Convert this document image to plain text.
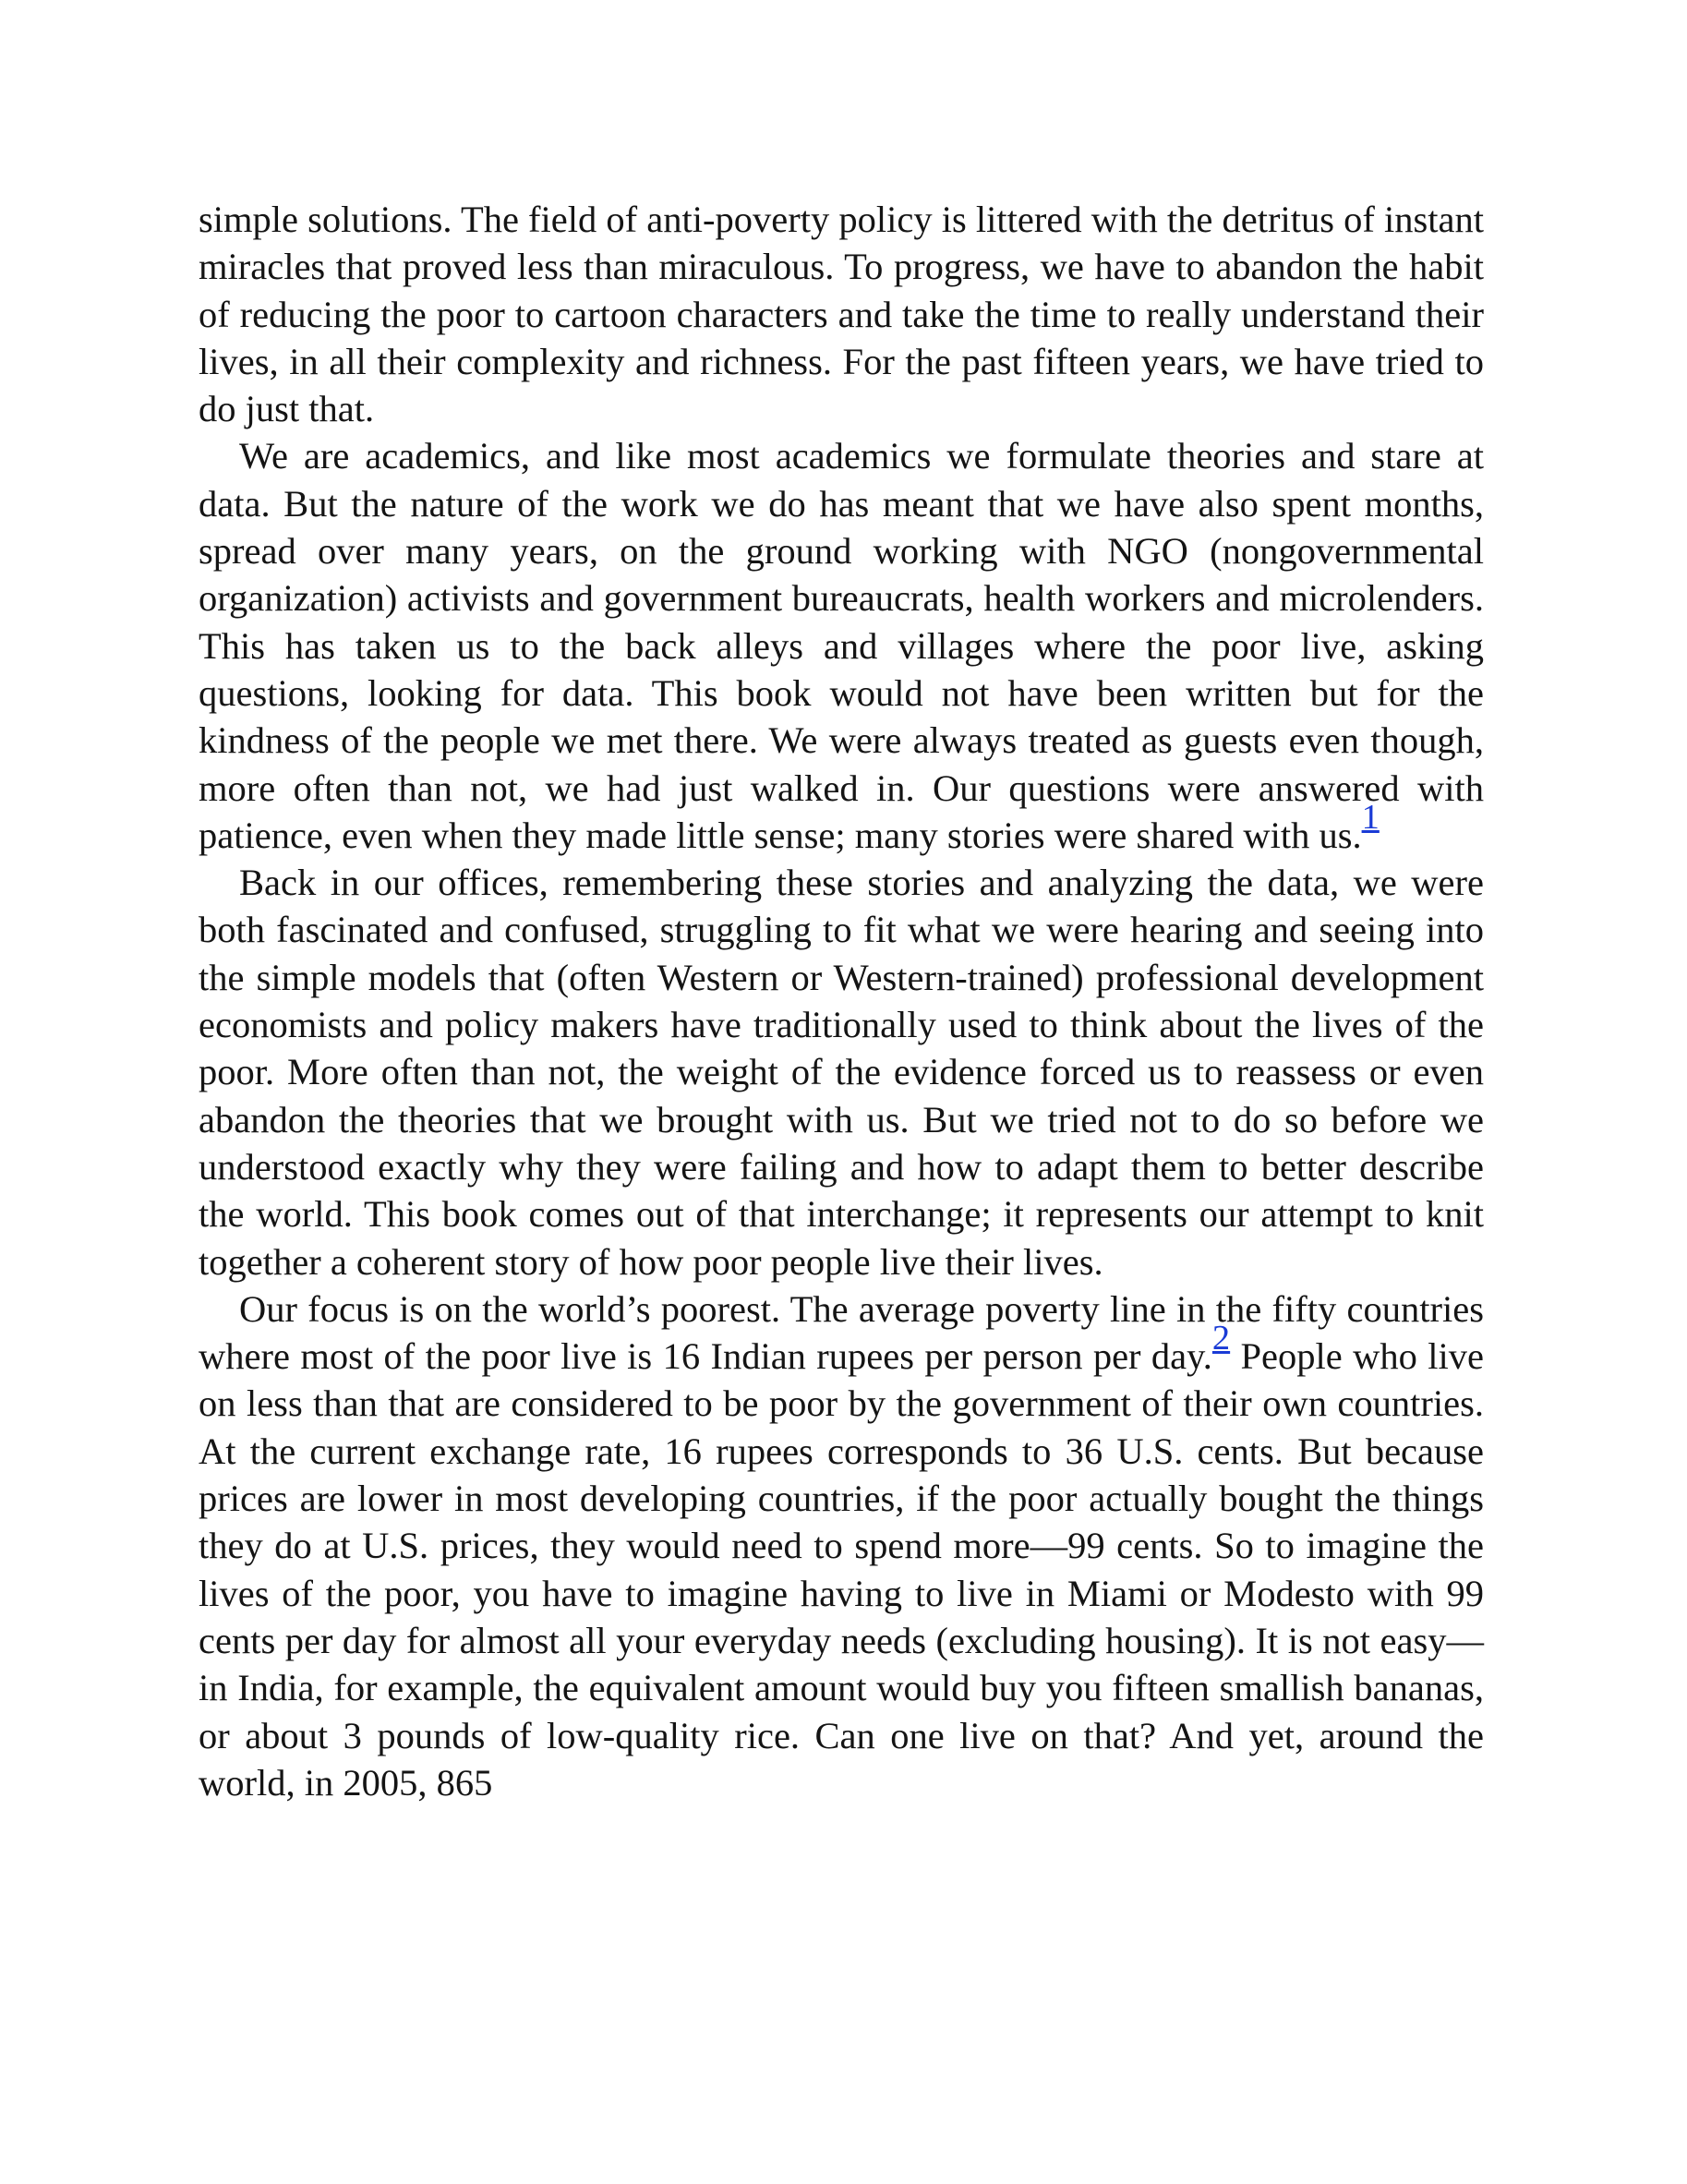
simple solutions. The field of anti-poverty policy is littered with the detritus of instant miracles that proved less than miraculous. To progress, we have to abandon the habit of reducing the poor to cartoon characters and take the time to really understand their lives, in all their complexity and richness. For the past fifteen years, we have tried to do just that.

We are academics, and like most academics we formulate theories and stare at data. But the nature of the work we do has meant that we have also spent months, spread over many years, on the ground working with NGO (nongovernmental organization) activists and government bureaucrats, health workers and microlenders. This has taken us to the back alleys and villages where the poor live, asking questions, looking for data. This book would not have been written but for the kindness of the people we met there. We were always treated as guests even though, more often than not, we had just walked in. Our questions were answered with patience, even when they made little sense; many stories were shared with us.1

Back in our offices, remembering these stories and analyzing the data, we were both fascinated and confused, struggling to fit what we were hearing and seeing into the simple models that (often Western or Western-trained) professional development economists and policy makers have traditionally used to think about the lives of the poor. More often than not, the weight of the evidence forced us to reassess or even abandon the theories that we brought with us. But we tried not to do so before we understood exactly why they were failing and how to adapt them to better describe the world. This book comes out of that interchange; it represents our attempt to knit together a coherent story of how poor people live their lives.

Our focus is on the world’s poorest. The average poverty line in the fifty countries where most of the poor live is 16 Indian rupees per person per day.2 People who live on less than that are considered to be poor by the government of their own countries. At the current exchange rate, 16 rupees corresponds to 36 U.S. cents. But because prices are lower in most developing countries, if the poor actually bought the things they do at U.S. prices, they would need to spend more—99 cents. So to imagine the lives of the poor, you have to imagine having to live in Miami or Modesto with 99 cents per day for almost all your everyday needs (excluding housing). It is not easy—in India, for example, the equivalent amount would buy you fifteen smallish bananas, or about 3 pounds of low-quality rice. Can one live on that? And yet, around the world, in 2005, 865
